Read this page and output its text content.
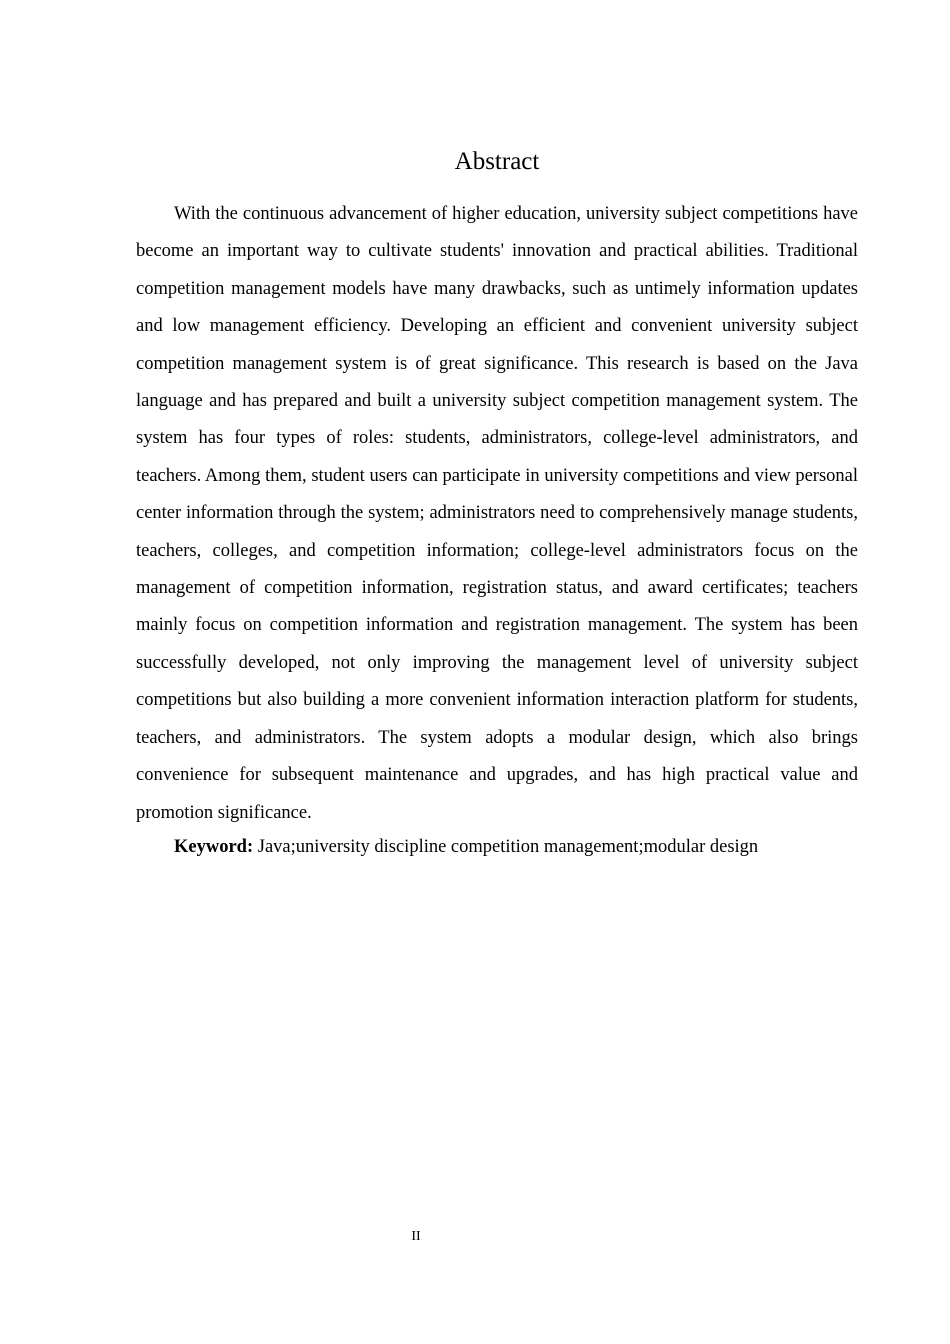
Abstract

With the continuous advancement of higher education, university subject competitions have become an important way to cultivate students' innovation and practical abilities. Traditional competition management models have many drawbacks, such as untimely information updates and low management efficiency. Developing an efficient and convenient university subject competition management system is of great significance. This research is based on the Java language and has prepared and built a university subject competition management system. The system has four types of roles: students, administrators, college-level administrators, and teachers. Among them, student users can participate in university competitions and view personal center information through the system; administrators need to comprehensively manage students, teachers, colleges, and competition information; college-level administrators focus on the management of competition information, registration status, and award certificates; teachers mainly focus on competition information and registration management. The system has been successfully developed, not only improving the management level of university subject competitions but also building a more convenient information interaction platform for students, teachers, and administrators. The system adopts a modular design, which also brings convenience for subsequent maintenance and upgrades, and has high practical value and promotion significance.

Keyword: Java;university discipline competition management;modular design

II
